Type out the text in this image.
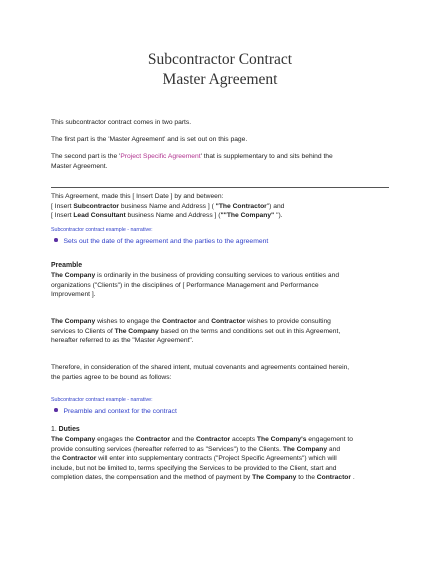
Subcontractor Contract
Master Agreement
This subcontractor contract comes in two parts.
The first part is the 'Master Agreement' and is set out on this page.
The second part is the 'Project Specific Agreement' that is supplementary to and sits behind the
Master Agreement.
This Agreement, made this [ Insert Date ] by and between:
[ Insert Subcontractor business Name and Address ] ( "The Contractor") and
[ Insert Lead Consultant business Name and Address ] (""The Company" ").
Subcontractor contract example - narrative:
Sets out the date of the agreement and the parties to the agreement
Preamble
The Company is ordinarily in the business of providing consulting services to various entities and
organizations ("Clients") in the disciplines of [ Performance Management and Performance
Improvement ].
The Company wishes to engage the Contractor and Contractor wishes to provide consulting
services to Clients of The Company based on the terms and conditions set out in this Agreement,
hereafter referred to as the "Master Agreement".
Therefore, in consideration of the shared intent, mutual covenants and agreements contained herein,
the parties agree to be bound as follows:
Subcontractor contract example - narrative:
Preamble and context for the contract
1. Duties
The Company engages the Contractor and the Contractor accepts The Company's engagement to
provide consulting services (hereafter referred to as "Services") to the Clients. The Company and
the Contractor will enter into supplementary contracts ("Project Specific Agreements") which will
include, but not be limited to, terms specifying the Services to be provided to the Client, start and
completion dates, the compensation and the method of payment by The Company to the Contractor .
